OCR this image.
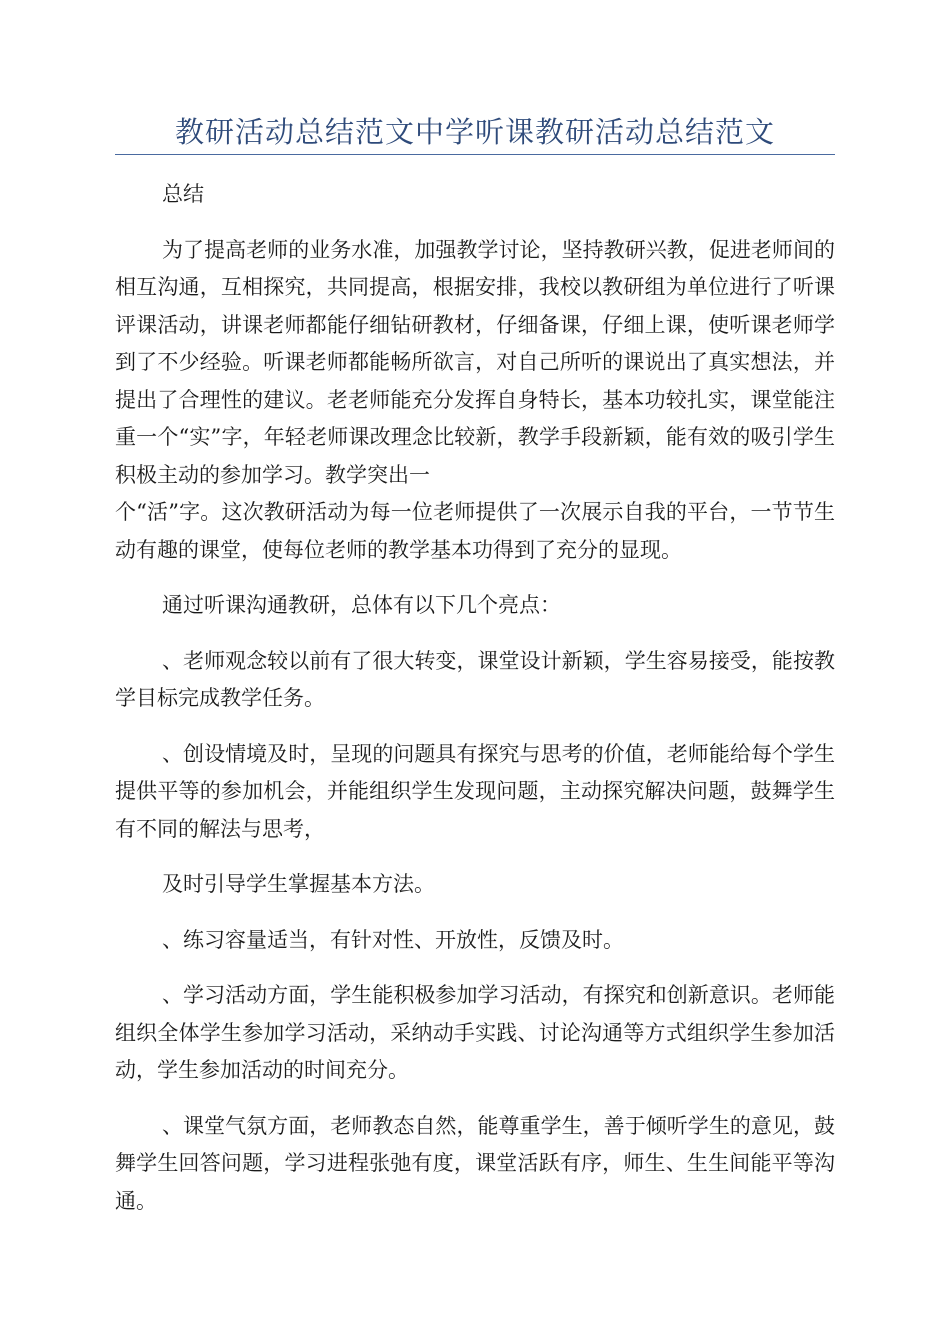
教研活动总结范文中学听课教研活动总结范文

总结

为了提高老师的业务水准，加强教学讨论，坚持教研兴教，促进老师间的相互沟通，互相探究，共同提高，根据安排，我校以教研组为单位进行了听课评课活动，讲课老师都能仔细钻研教材，仔细备课，仔细上课，使听课老师学到了不少经验。听课老师都能畅所欲言，对自己所听的课说出了真实想法，并提出了合理性的建议。老老师能充分发挥自身特长，基本功较扎实，课堂能注重一个“实”字，年轻老师课改理念比较新，教学手段新颖，能有效的吸引学生积极主动的参加学习。教学突出一

个“活”字。这次教研活动为每一位老师提供了一次展示自我的平台，一节节生动有趣的课堂，使每位老师的教学基本功得到了充分的显现。

通过听课沟通教研，总体有以下几个亮点：

、老师观念较以前有了很大转变，课堂设计新颖，学生容易接受，能按教学目标完成教学任务。

、创设情境及时，呈现的问题具有探究与思考的价值，老师能给每个学生提供平等的参加机会，并能组织学生发现问题，主动探究解决问题，鼓舞学生有不同的解法与思考，

及时引导学生掌握基本方法。

、练习容量适当，有针对性、开放性，反馈及时。

、学习活动方面，学生能积极参加学习活动，有探究和创新意识。老师能组织全体学生参加学习活动，采纳动手实践、讨论沟通等方式组织学生参加活动，学生参加活动的时间充分。

、课堂气氛方面，老师教态自然，能尊重学生，善于倾听学生的意见，鼓舞学生回答问题，学习进程张弛有度，课堂活跃有序，师生、生生间能平等沟通。
